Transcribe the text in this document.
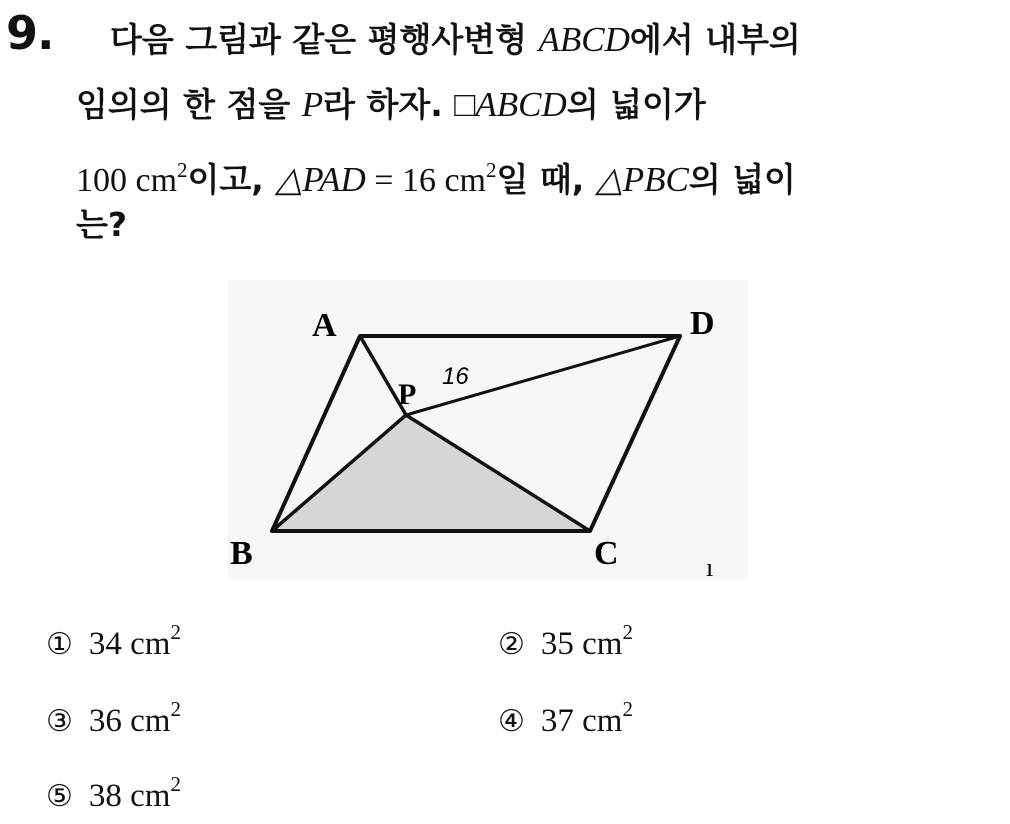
9. 다음 그림과 같은 평행사변형 ABCD에서 내부의
임의의 한 점을 P라 하자. □ABCD의 넓이가
100 $cm^2$이고, △PAD = 16 $cm^2$일 때, △PBC의 넓이
는?
A	D
P
16
B	C	ı
① 34 $cm^2$	② 35 $cm^2$
③ 36 $cm^2$	④ 37 $cm^2$
⑤ 38 $cm^2$
